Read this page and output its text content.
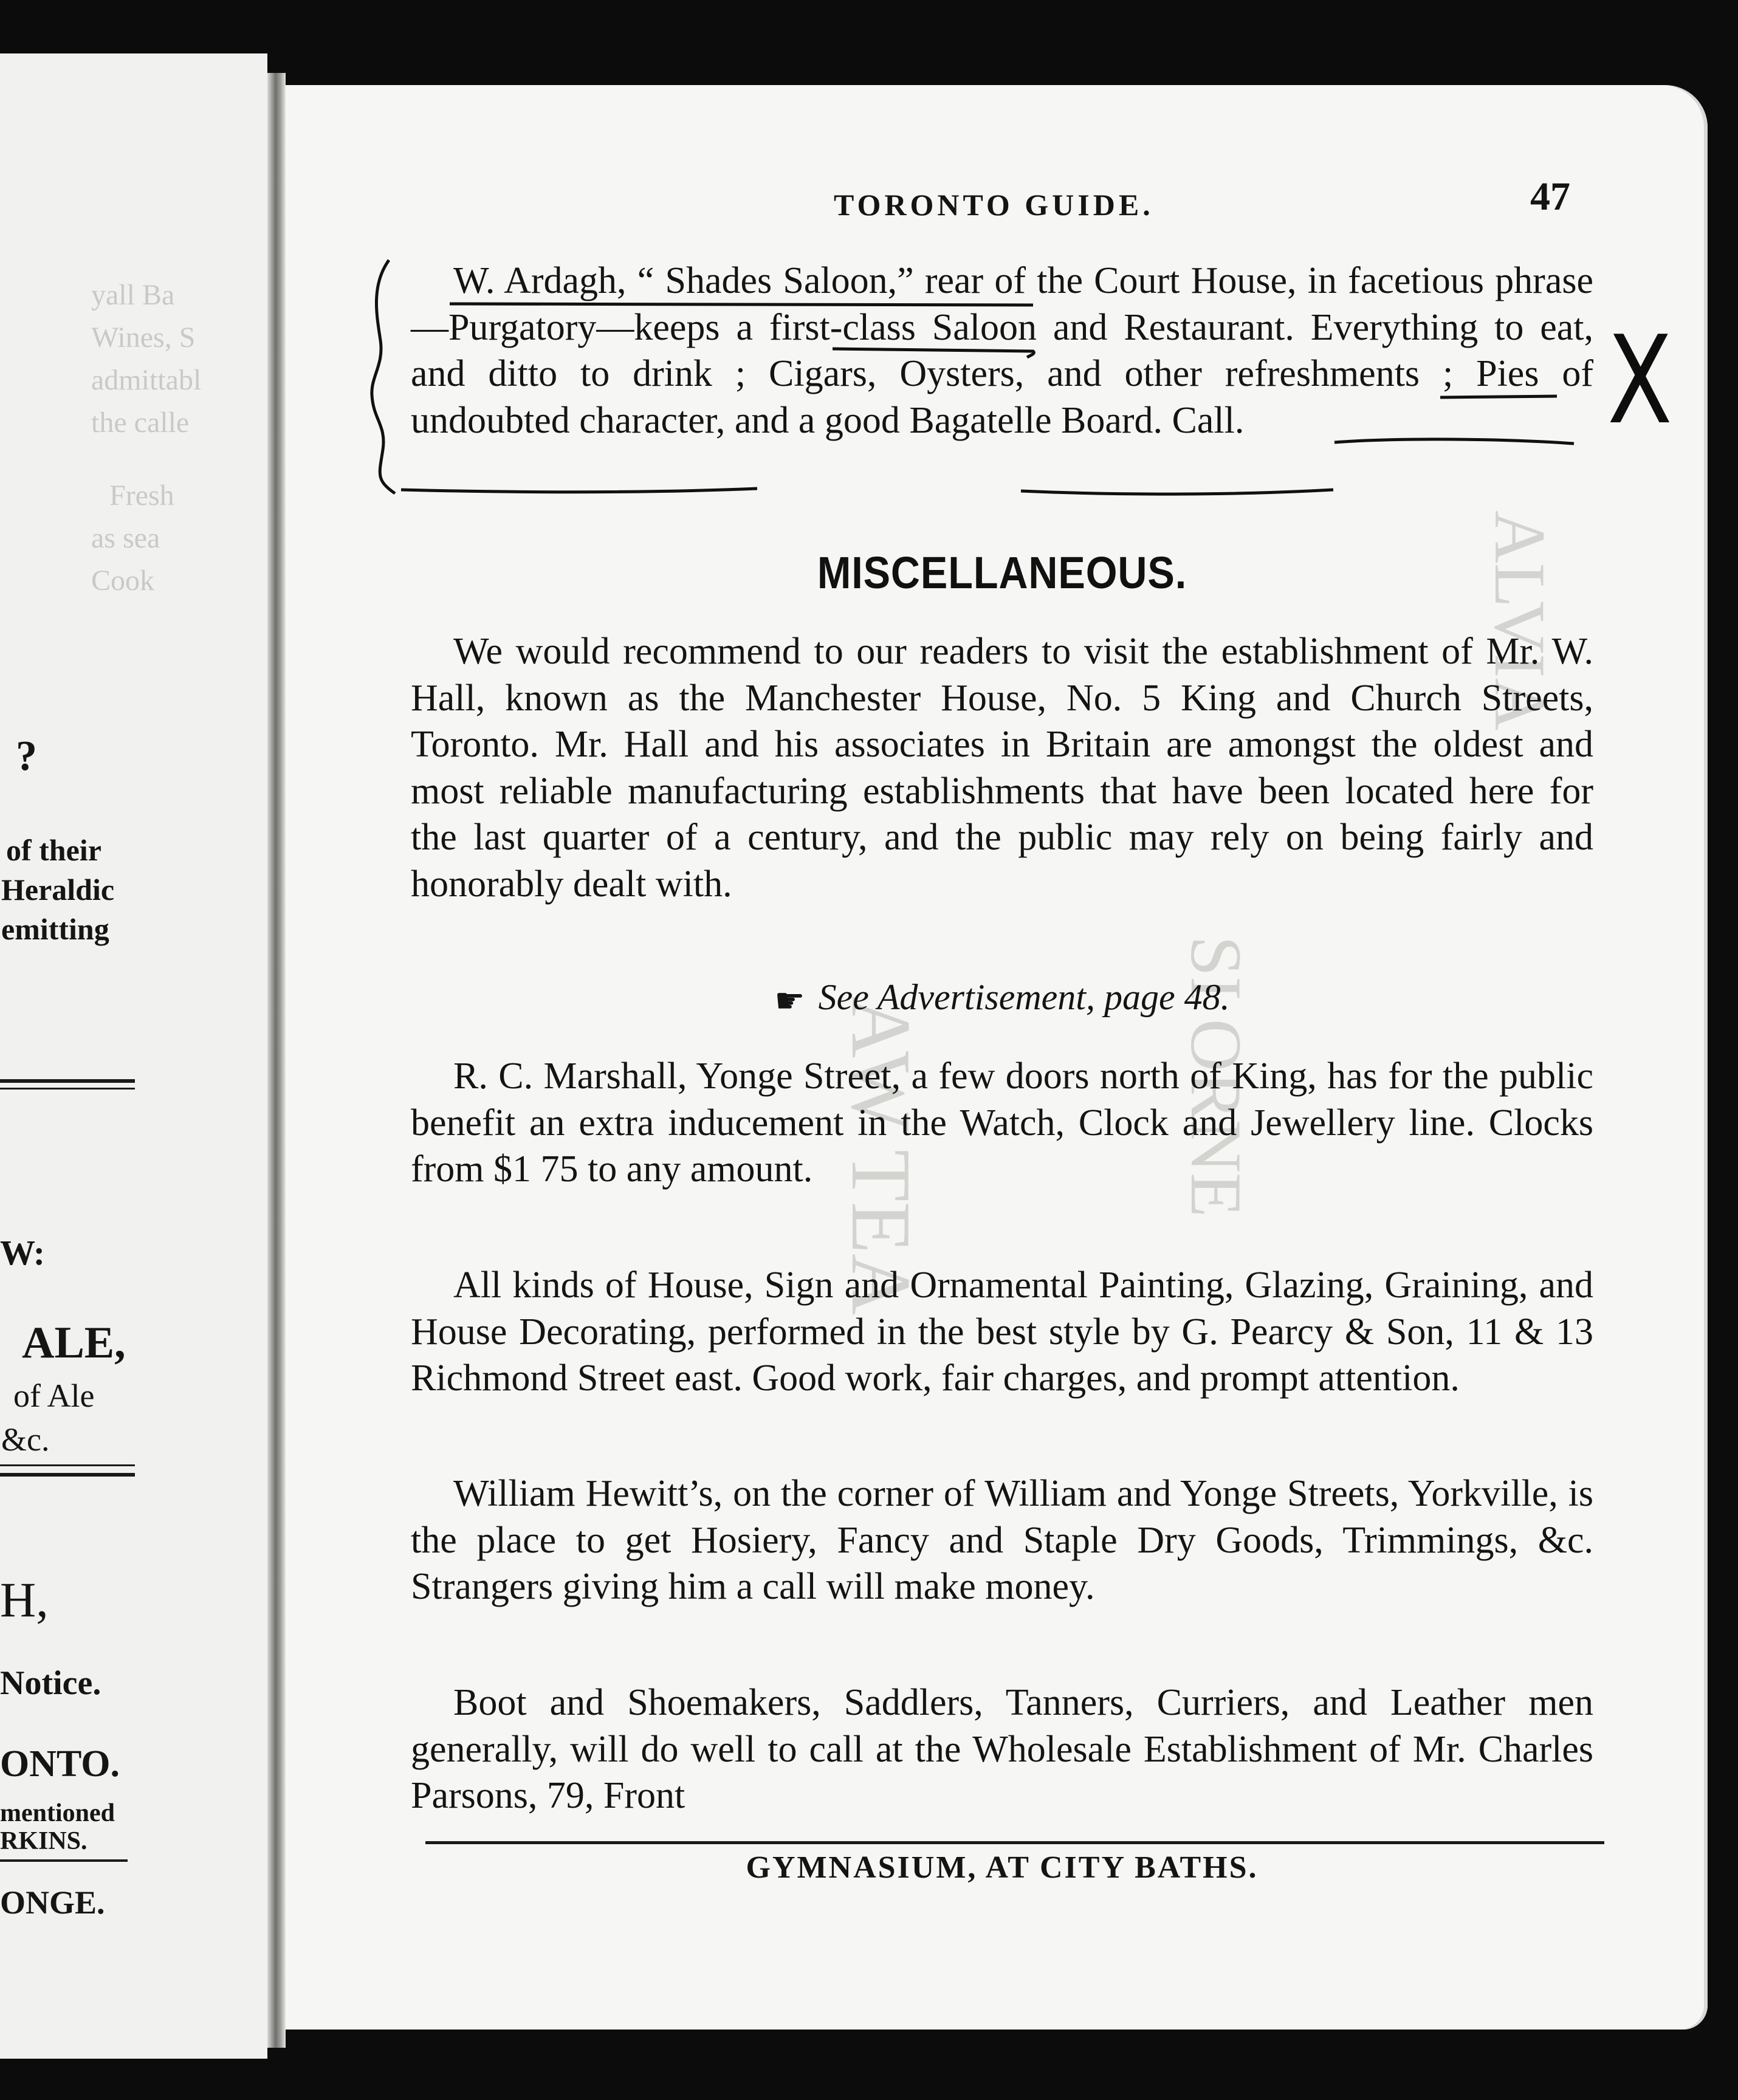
yall Ba
Wines, S
admittabl
the calle
Fresh
as sea
Cook
?
of their
Heraldic
emitting
W:
ALE,
of Ale
&c.
H,
Notice.
ONTO.
mentioned
RKINS.
ONGE.
AW TEA	SI ORNE
ALVIA
TORONTO GUIDE.	47

W. Ardagh, “ Shades Saloon,” rear of the Court House, in facetious phrase—Purgatory—keeps a first-class Saloon and Restaurant. Everything to eat, and ditto to drink ; Cigars, Oysters, and other refreshments ; Pies of undoubted character, and a good Bagatelle Board. Call.

MISCELLANEOUS.

We would recommend to our readers to visit the establishment of Mr. W. Hall, known as the Manchester House, No. 5 King and Church Streets, Toronto. Mr. Hall and his associates in Britain are amongst the oldest and most reliable manufacturing establishments that have been located here for the last quarter of a century, and the public may rely on being fairly and honorably dealt with.

☛ See Advertisement, page 48.

R. C. Marshall, Yonge Street, a few doors north of King, has for the public benefit an extra inducement in the Watch, Clock and Jewellery line. Clocks from $1 75 to any amount.

All kinds of House, Sign and Ornamental Painting, Glazing, Graining, and House Decorating, performed in the best style by G. Pearcy & Son, 11 & 13 Richmond Street east. Good work, fair charges, and prompt attention.

William Hewitt’s, on the corner of William and Yonge Streets, Yorkville, is the place to get Hosiery, Fancy and Staple Dry Goods, Trimmings, &c. Strangers giving him a call will make money.

Boot and Shoemakers, Saddlers, Tanners, Curriers, and Leather men generally, will do well to call at the Wholesale Establishment of Mr. Charles Parsons, 79, Front

GYMNASIUM, AT CITY BATHS.
X
